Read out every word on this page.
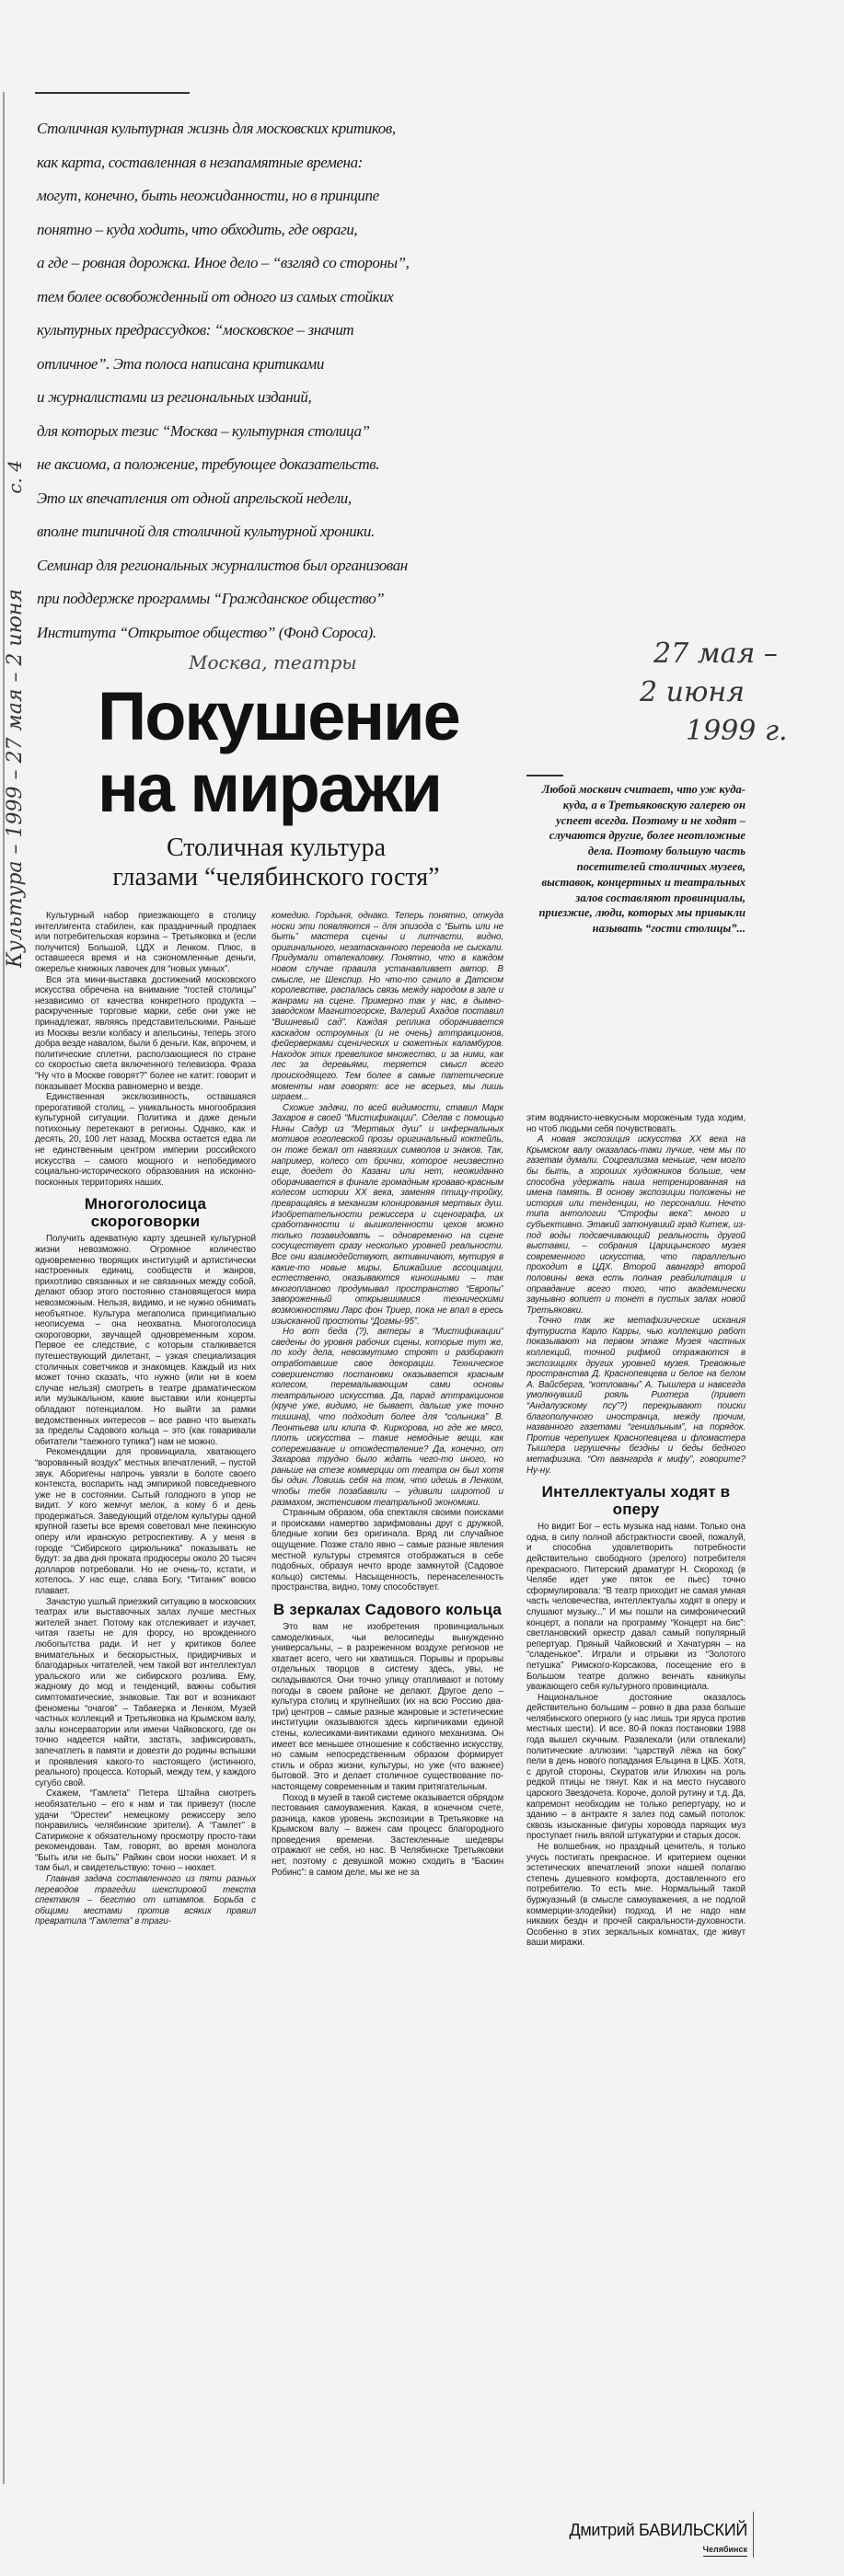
Столичная культурная жизнь для московских критиков,
как карта, составленная в незапамятные времена:
могут, конечно, быть неожиданности, но в принципе
понятно – куда ходить, что обходить, где овраги,
а где – ровная дорожка. Иное дело – “взгляд со стороны”,
тем более освобожденный от одного из самых стойких
культурных предрассудков: “московское – значит
отличное”. Эта полоса написана критиками
и журналистами из региональных изданий,
для которых тезис “Москва – культурная столица”
не аксиома, а положение, требующее доказательств.
Это их впечатления от одной апрельской недели,
вполне типичной для столичной культурной хроники.
Семинар для региональных журналистов был организован
при поддержке программы “Гражданское общество”
Института “Открытое общество” (Фонд Сороса).
Москва, театры
Культура – 1999 – 27 мая – 2 июня
с. 4
27 мая –
2 июня
1999 г.
Покушение
на миражи
Столичная культура
глазами “челябинского гостя”

Культурный набор приезжающего в столицу интеллигента стабилен, как праздничный продпаек или потребительская корзина – Третьяковка и (если получится) Большой, ЦДХ и Ленком. Плюс, в оставшееся время и на сэкономленные деньги, ожерелье книжных лавочек для “новых умных”.

Вся эта мини-выставка достижений московского искусства обречена на внимание “гостей столицы” независимо от качества конкретного продукта – раскрученные торговые марки, себе они уже не принадлежат, являясь представительскими. Раньше из Москвы везли колбасу и апельсины, теперь этого добра везде навалом, были б деньги. Как, впрочем, и политические сплетни, расползающиеся по стране со скоростью света включенного телевизора. Фраза “Ну что в Москве говорят?” более не катит: говорит и показывает Москва равномерно и везде.

Единственная эксклюзивность, оставшаяся прерогативой столиц, – уникальность многообразия культурной ситуации. Политика и даже деньги потихоньку перетекают в регионы. Однако, как и десять, 20, 100 лет назад, Москва остается едва ли не единственным центром империи российского искусства – самого мощного и непобедимого социально-исторического образования на исконно-посконных территориях наших.

Многоголосица скороговорки

Получить адекватную карту здешней культурной жизни невозможно. Огромное количество одновременно творящих институций и артистически настроенных единиц, сообществ и жанров, прихотливо связанных и не связанных между собой, делают обзор этого постоянно становящегося мира невозможным. Нельзя, видимо, и не нужно обнимать необъятное. Культура мегаполиса принципиально неописуема – она неохватна. Многоголосица скороговорки, звучащей одновременным хором. Первое ее следствие, с которым сталкивается путешествующий дилетант, – узкая специализация столичных советчиков и знакомцев. Каждый из них может точно сказать, что нужно (или ни в коем случае нельзя) смотреть в театре драматическом или музыкальном, какие выставки или концерты обладают потенциалом. Но выйти за рамки ведомственных интересов – все равно что выехать за пределы Садового кольца – это (как говаривали обитатели “таежного тупика”) нам не можно.

Рекомендации для провинциала, хватающего “ворованный воздух” местных впечатлений, – пустой звук. Аборигены напрочь увязли в болоте своего контекста, воспарить над эмпирикой повседневного уже не в состоянии. Сытый голодного в упор не видит. У кого жемчуг мелок, а кому б и день продержаться. Заведующий отделом культуры одной крупной газеты все время советовал мне пекинскую оперу или иранскую ретроспективу. А у меня в городе “Сибирского цирюльника” показывать не будут: за два дня проката продюсеры около 20 тысяч долларов потребовали. Но не очень-то, кстати, и хотелось. У нас еще, слава Богу, “Титаник” вовсю плавает.

Зачастую ушлый приезжий ситуацию в московских театрах или выставочных залах лучше местных жителей знает. Потому как отслеживает и изучает, читая газеты не для форсу, но врожденного любопытства ради. И нет у критиков более внимательных и бескорыстных, придирчивых и благодарных читателей, чем такой вот интеллектуал уральского или же сибирского розлива. Ему, жадному до мод и тенденций, важны события симптоматические, знаковые. Так вот и возникают феномены “очагов” – Табакерка и Ленком, Музей частных коллекций и Третьяковка на Крымском валу, залы консерватории или имени Чайковского, где он точно надеется найти, застать, зафиксировать, запечатлеть в памяти и довезти до родины вспышки и проявления какого-то настоящего (истинного, реального) процесса. Который, между тем, у каждого сугубо свой.

Скажем, “Гамлета” Петера Штайна смотреть необязательно – его к нам и так привезут (после удачи “Орестеи” немецкому режиссеру зело понравились челябинские зрители). А “Гамлет” в Сатириконе к обязательному просмотру просто-таки рекомендован. Там, говорят, во время монолога “Быть или не быть” Райкин свои носки нюхает. И я там был, и свидетельствую: точно – нюхает.

Главная задача составленного из пяти разных переводов трагедии шекспировой текста спектакля – бегство от штампов. Борьба с общими местами против всяких правил превратила “Гамлета” в траги-

комедию. Гордыня, однако. Теперь понятно, откуда носки эти появляются – для эпизода с “Быть или не быть” мастера сцены и литчасти, видно, оригинального, незатасканного перевода не сыскали. Придумали отвлекаловку. Понятно, что в каждом новом случае правила устанавливает автор. В смысле, не Шекспир. Но что-то сгнило в Датском королевстве, распалась связь между народом в зале и жанрами на сцене. Примерно так у нас, в дымно-заводском Магнитогорске, Валерий Ахадов поставил “Вишневый сад”. Каждая реплика оборачивается каскадом остроумных (и не очень) аттракционов, фейерверками сценических и сюжетных каламбуров. Находок этих превеликое множество, и за ними, как лес за деревьями, теряется смысл всего происходящего. Тем более в самые патетические моменты нам говорят: все не всерьез, мы лишь играем...

Схожие задачи, по всей видимости, ставил Марк Захаров в своей “Мистификации”. Сделав с помощью Нины Садур из “Мертвых душ” и инфернальных мотивов гоголевской прозы оригинальный коктейль, он тоже бежал от навязших символов и знаков. Так, например, колесо от брички, которое неизвестно еще, доедет до Казани или нет, неожиданно оборачивается в финале громадным кроваво-красным колесом истории XX века, заменяя птицу-тройку, превращаясь в механизм клонирования мертвых душ. Изобретательности режиссера и сценографа, их сработанности и вышколенности цехов можно только позавидовать – одновременно на сцене сосуществует сразу несколько уровней реальности. Все они взаимодействуют, активничают, мутируя в какие-то новые миры. Ближайшие ассоциации, естественно, оказываются киношными – так многопланово продумывал пространство “Европы” завороженный открывшимися техническими возможностями Ларс фон Триер, пока не впал в ересь изысканной простоты “Догмы-95”.

Но вот беда (?), актеры в “Мистификации” сведены до уровня рабочих сцены, которые тут же, по ходу дела, невозмутимо строят и разбирают отработавшие свое декорации. Техническое совершенство постановки оказывается красным колесом, перемалывающим сами основы театрального искусства. Да, парад аттракционов (круче уже, видимо, не бывает, дальше уже точно тишина), что подходит более для “сольника” В. Леонтьева или клипа Ф. Киркорова, но где же мясо, плоть искусства – такие немодные вещи, как сопереживание и отождествление? Да, конечно, от Захарова трудно было ждать чего-то иного, но раньше на стезе коммерции от театра он был хотя бы один. Ловишь себя на том, что идешь в Ленком, чтобы тебя позабавили – удивили широтой и размахом, экстенсивом театральной экономики.

Странным образом, оба спектакля своими поисками и происками намертво зарифмованы друг с дружкой, бледные копии без оригинала. Вряд ли случайное ощущение. Позже стало явно – самые разные явления местной культуры стремятся отображаться в себе подобных, образуя нечто вроде замкнутой (Садовое кольцо) системы. Насыщенность, перенаселенность пространства, видно, тому способствует.

В зеркалах Садового кольца

Это вам не изобретения провинциальных самоделкиных, чьи велосипеды вынужденно универсальны, – в разреженном воздухе регионов не хватает всего, чего ни хватишься. Порывы и прорывы отдельных творцов в систему здесь, увы, не складываются. Они точно улицу отапливают и потому погоды в своем районе не делают. Другое дело – культура столиц и крупнейших (их на всю Россию два-три) центров – самые разные жанровые и эстетические институции оказываются здесь кирпичиками единой стены, колесиками-винтиками единого механизма. Он имеет все меньшее отношение к собственно искусству, но самым непосредственным образом формирует стиль и образ жизни, культуры, но уже (что важнее) бытовой. Это и делает столичное существование по-настоящему современным и таким притягательным.

Поход в музей в такой системе оказывается обрядом пестования самоуважения. Какая, в конечном счете, разница, каков уровень экспозиции в Третьяковке на Крымском валу – важен сам процесс благородного проведения времени. Застекленные шедевры отражают не себя, но нас. В Челябинске Третьяковки нет, поэтому с девушкой можно сходить в “Баскин Робинс”: в самом деле, мы же не за

Любой москвич считает, что уж куда-куда, а в Третьяковскую галерею он успеет всегда. Поэтому и не ходят – случаются другие, более неотложные дела. Поэтому большую часть посетителей столичных музеев, выставок, концертных и театральных залов составляют провинциалы, приезжие, люди, которых мы привыкли называть “гости столицы”...

этим водянисто-невкусным мороженым туда ходим, но чтоб людьми себя почувствовать.

А новая экспозиция искусства XX века на Крымском валу оказалась-таки лучше, чем мы по газетам думали. Соцреализма меньше, чем могло бы быть, а хороших художников больше, чем способна удержать наша нетренированная на имена память. В основу экспозиции положены не история или тенденции, но персоналии. Нечто типа антологии “Строфы века”: много и субъективно. Этакий затонувший град Китеж, из-под воды подсвечивающий реальность другой выставки, – собрания Царицынского музея современного искусства, что параллельно проходит в ЦДХ. Второй авангард второй половины века есть полная реабилитация и оправдание всего того, что академически заунывно вопиет и тонет в пустых залах новой Третьяковки.

Точно так же метафизические искания футуриста Карло Карры, чью коллекцию работ показывают на первом этаже Музея частных коллекций, точной рифмой отражаются в экспозициях других уровней музея. Тревожные пространства Д. Краснопевцева и белое на белом А. Вайсберга, “котлованы” А. Тышлера и навсегда умолкнувший рояль Рихтера (привет “Андалузскому псу”?) перекрывают поиски благополучного иностранца, между прочим, названного газетами “гениальным”, на порядок. Против черепушек Краснопевцева и фломастера Тышлера игрушечны бездны и беды бедного метафизика. “От авангарда к мифу”, говорите? Ну-ну.

Интеллектуалы ходят в оперу

Но видит Бог – есть музыка над нами. Только она одна, в силу полной абстрактности своей, пожалуй, и способна удовлетворить потребности действительно свободного (зрелого) потребителя прекрасного. Питерский драматург Н. Скороход (в Челябе идет уже пяток ее пьес) точно сформулировала: “В театр приходит не самая умная часть человечества, интеллектуалы ходят в оперу и слушают музыку...” И мы пошли на симфонический концерт, а попали на программу “Концерт на бис”: светлановский оркестр давал самый популярный репертуар. Пряный Чайковский и Хачатурян – на “сладенькое”. Играли и отрывки из “Золотого петушка” Римского-Корсакова, посещение его в Большом театре должно венчать каникулы уважающего себя культурного провинциала.

Национальное достояние оказалось действительно большим – ровно в два раза больше челябинского оперного (у нас лишь три яруса против местных шести). И все. 80-й показ постановки 1988 года вышел скучным. Развлекали (или отвлекали) политические аллюзии: “царствуй лёжа на боку” пели в день нового попадания Ельцина в ЦКБ. Хотя, с другой стороны, Скуратов или Илюхин на роль редкой птицы не тянут. Как и на место гнусавого царского Звездочета. Короче, долой рутину и т.д. Да, капремонт необходим не только репертуару, но и зданию – в антракте я залез под самый потолок: сквозь изысканные фигуры хоровода парящих муз проступает гниль вялой штукатурки и старых досок.

Не волшебник, но праздный ценитель, я только учусь постигать прекрасное. И критерием оценки эстетических впечатлений эпохи нашей полагаю степень душевного комфорта, доставленного его потребителю. То есть мне. Нормальный такой буржуазный (в смысле самоуважения, а не подлой коммерции-злодейки) подход. И не надо нам никаких бездн и прочей сакральности-духовности. Особенно в этих зеркальных комнатах, где живут ваши миражи.

Дмитрий БАВИЛЬСКИЙ
Челябинск
